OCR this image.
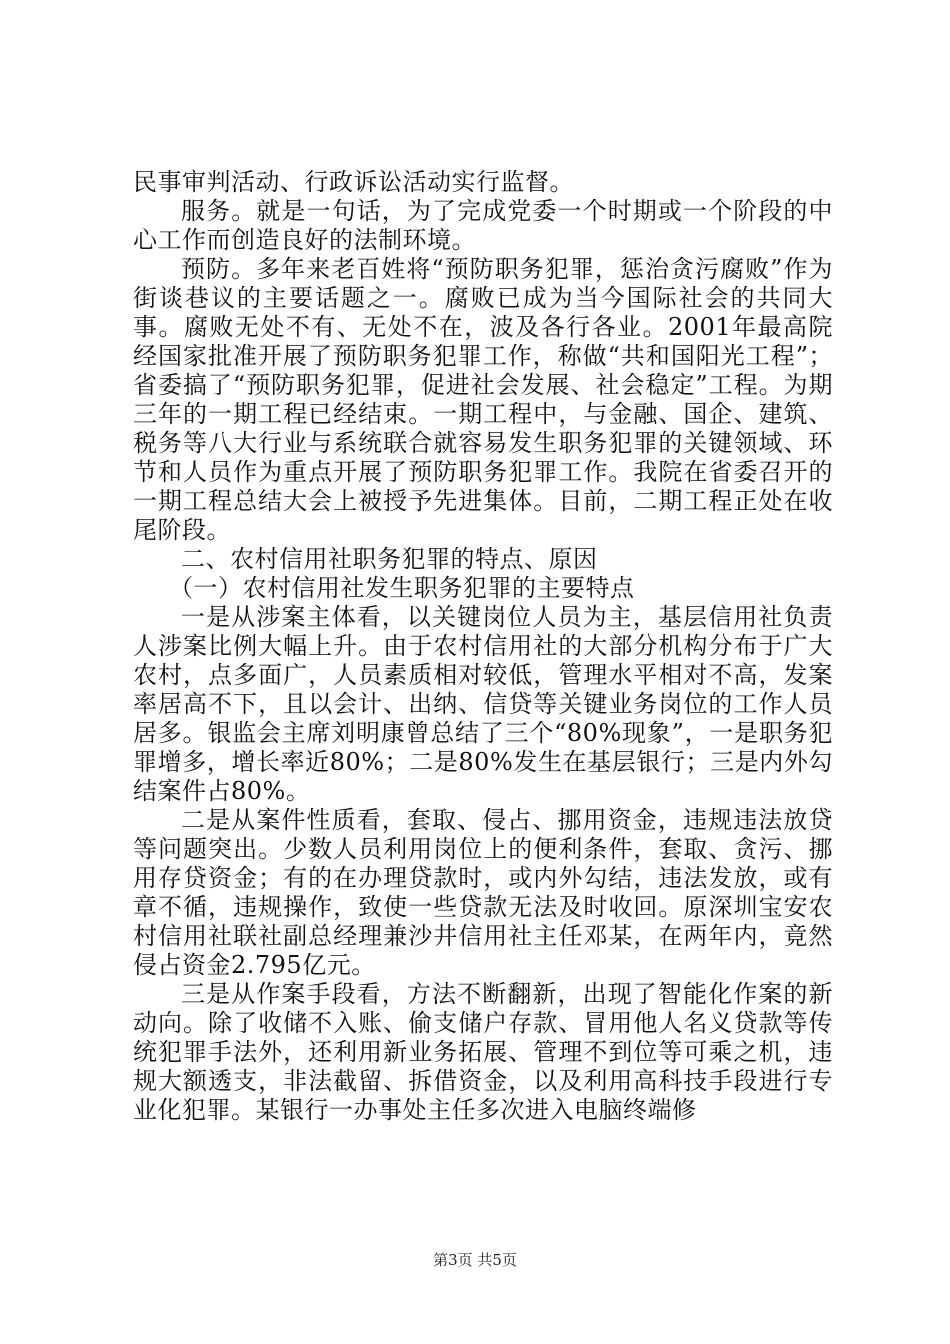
民事审判活动、行政诉讼活动实行监督。

服务。就是一句话，为了完成党委一个时期或一个阶段的中心工作而创造良好的法制环境。

预防。多年来老百姓将“预防职务犯罪，惩治贪污腐败”作为街谈巷议的主要话题之一。腐败已成为当今国际社会的共同大事。腐败无处不有、无处不在，波及各行各业。2001年最高院经国家批准开展了预防职务犯罪工作，称做“共和国阳光工程”；省委搞了“预防职务犯罪，促进社会发展、社会稳定”工程。为期三年的一期工程已经结束。一期工程中，与金融、国企、建筑、税务等八大行业与系统联合就容易发生职务犯罪的关键领域、环节和人员作为重点开展了预防职务犯罪工作。我院在省委召开的一期工程总结大会上被授予先进集体。目前，二期工程正处在收尾阶段。

二、农村信用社职务犯罪的特点、原因

（一）农村信用社发生职务犯罪的主要特点

一是从涉案主体看，以关键岗位人员为主，基层信用社负责人涉案比例大幅上升。由于农村信用社的大部分机构分布于广大农村，点多面广，人员素质相对较低，管理水平相对不高，发案率居高不下，且以会计、出纳、信贷等关键业务岗位的工作人员居多。银监会主席刘明康曾总结了三个“80%现象”，一是职务犯罪增多，增长率近80%；二是80%发生在基层银行；三是内外勾结案件占80%。

二是从案件性质看，套取、侵占、挪用资金，违规违法放贷等问题突出。少数人员利用岗位上的便利条件，套取、贪污、挪用存贷资金；有的在办理贷款时，或内外勾结，违法发放，或有章不循，违规操作，致使一些贷款无法及时收回。原深圳宝安农村信用社联社副总经理兼沙井信用社主任邓某，在两年内，竟然侵占资金2.795亿元。

三是从作案手段看，方法不断翻新，出现了智能化作案的新动向。除了收储不入账、偷支储户存款、冒用他人名义贷款等传统犯罪手法外，还利用新业务拓展、管理不到位等可乘之机，违规大额透支，非法截留、拆借资金，以及利用高科技手段进行专业化犯罪。某银行一办事处主任多次进入电脑终端修

第3页 共5页
